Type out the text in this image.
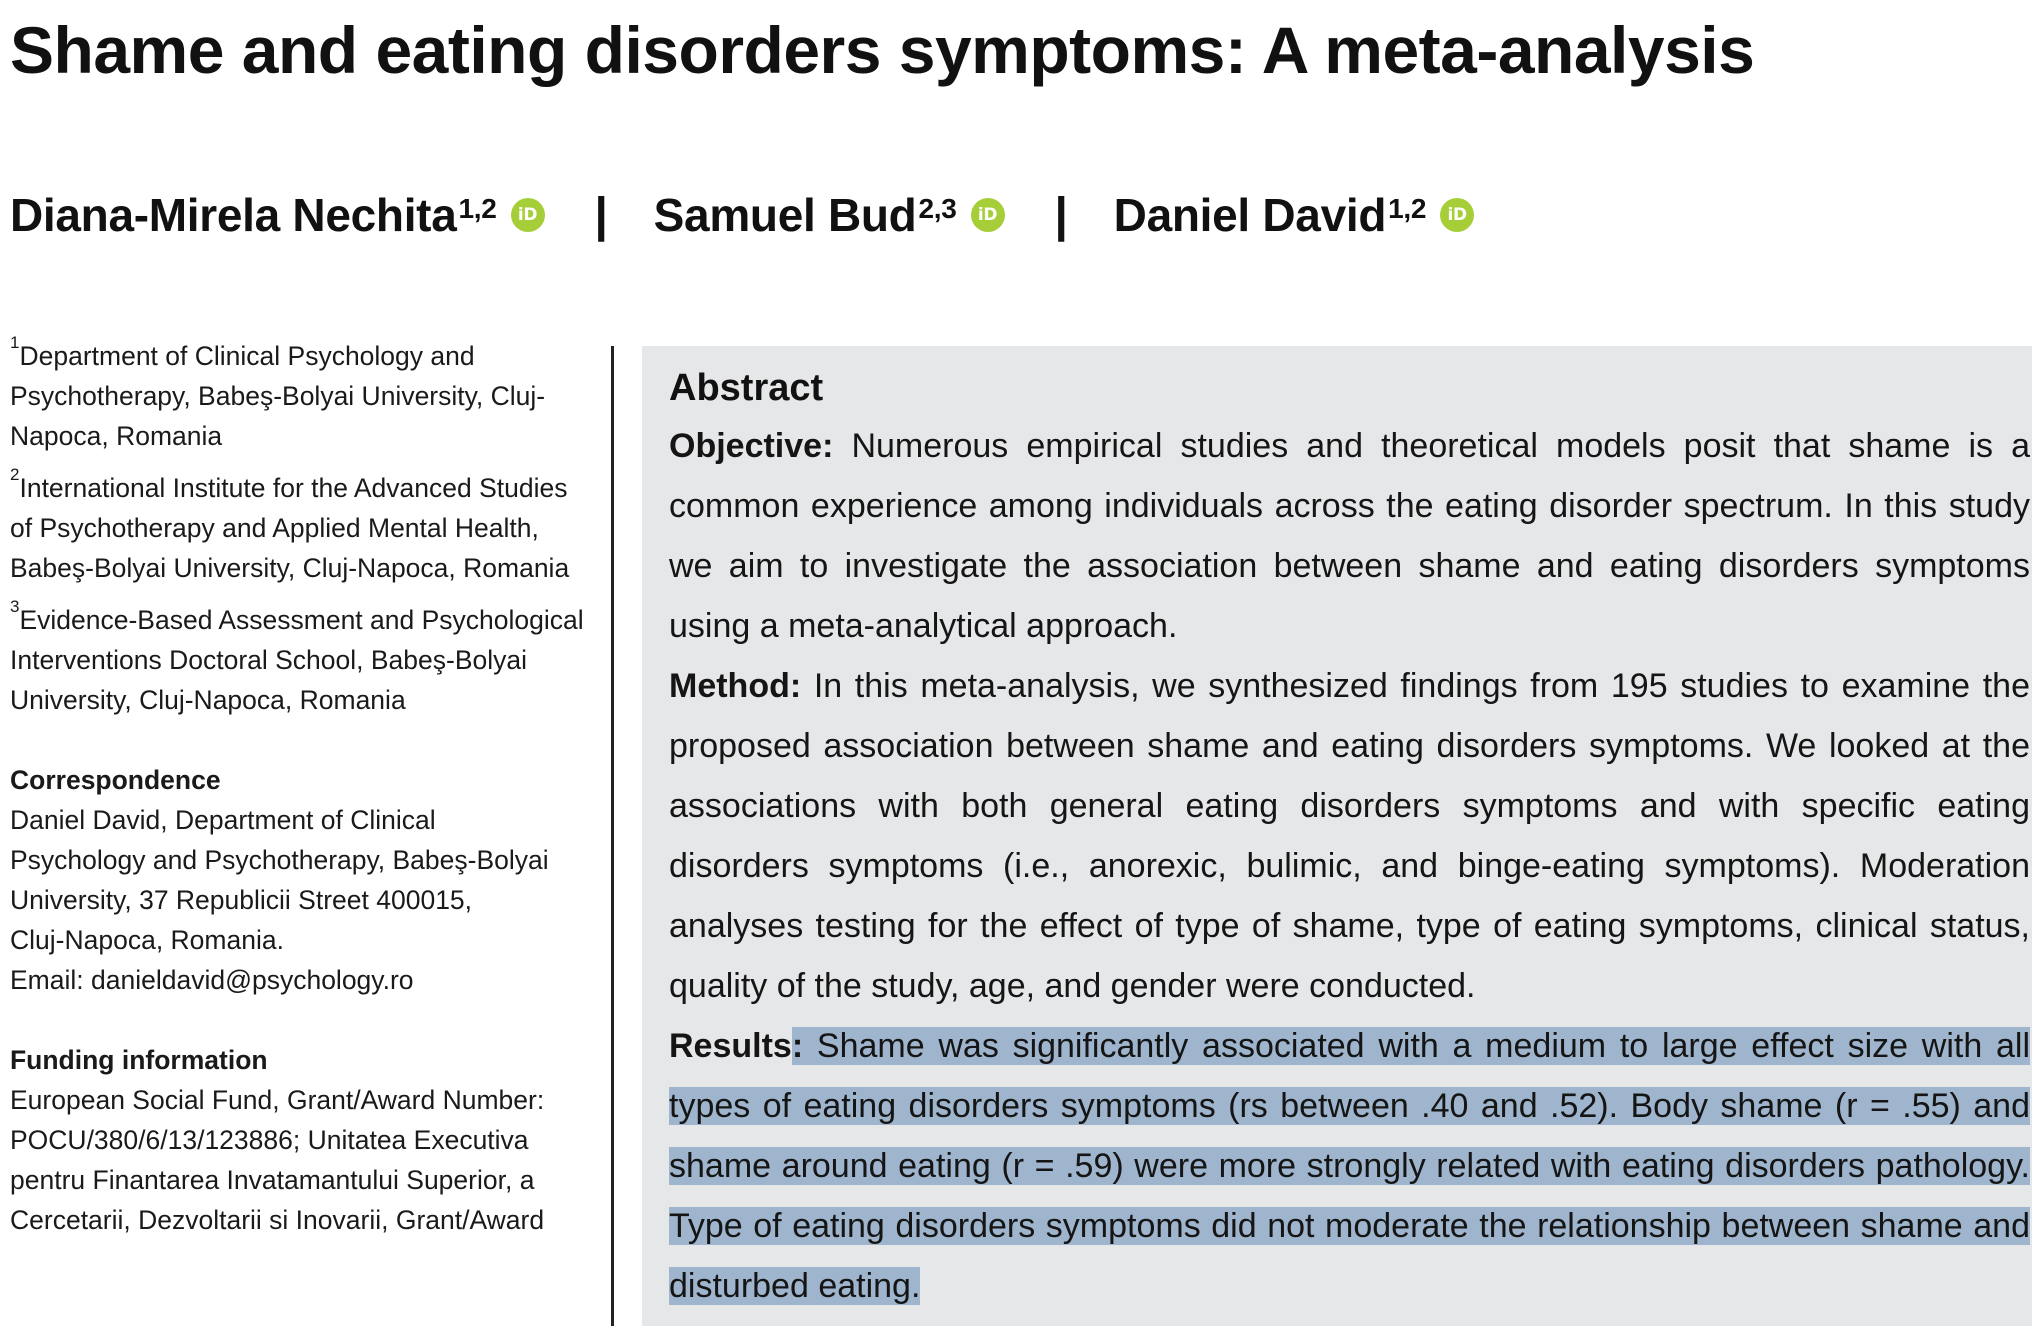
Shame and eating disorders symptoms: A meta-analysis
Diana-Mirela Nechita$^{1,2}$	iD | Samuel Bud$^{2,3}$	iD | Daniel David$^{1,2}$	iD

$^1$Department of Clinical Psychology and Psychotherapy, Babeş-Bolyai University, Cluj-Napoca, Romania

$^2$International Institute for the Advanced Studies of Psychotherapy and Applied Mental Health, Babeş-Bolyai University, Cluj-Napoca, Romania

$^3$Evidence-Based Assessment and Psychological Interventions Doctoral School, Babeş-Bolyai University, Cluj-Napoca, Romania

Correspondence
Daniel David, Department of Clinical
Psychology and Psychotherapy, Babeş-Bolyai
University, 37 Republicii Street 400015,
Cluj-Napoca, Romania.
Email: danieldavid@psychology.ro
Funding information
European Social Fund, Grant/Award Number:
POCU/380/6/13/123886; Unitatea Executiva
pentru Finantarea Invatamantului Superior, a
Cercetarii, Dezvoltarii si Inovarii, Grant/Award
Abstract

Objective: Numerous empirical studies and theoretical models posit that shame is a common experience among individuals across the eating disorder spectrum. In this study we aim to investigate the association between shame and eating disorders symptoms using a meta-analytical approach.

Method: In this meta-analysis, we synthesized findings from 195 studies to examine the proposed association between shame and eating disorders symptoms. We looked at the associations with both general eating disorders symptoms and with specific eating disorders symptoms (i.e., anorexic, bulimic, and binge-eating symptoms). Moderation analyses testing for the effect of type of shame, type of eating symptoms, clinical status, quality of the study, age, and gender were conducted.

Results: Shame was significantly associated with a medium to large effect size with all types of eating disorders symptoms (rs between .40 and .52). Body shame (r = .55) and shame around eating (r = .59) were more strongly related with eating disorders pathology. Type of eating disorders symptoms did not moderate the relationship between shame and disturbed eating.
